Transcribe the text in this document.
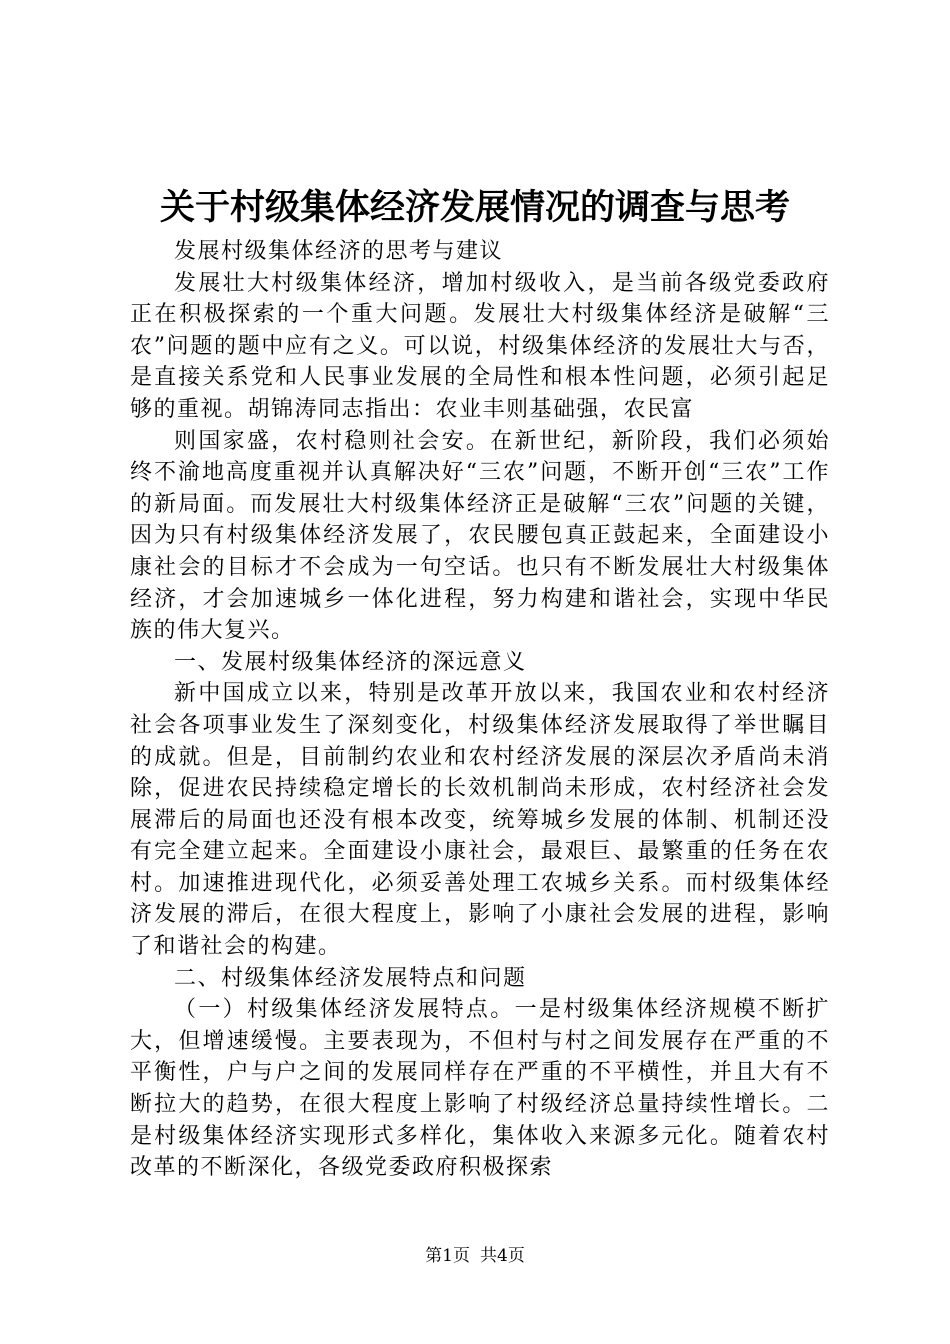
关于村级集体经济发展情况的调查与思考

发展村级集体经济的思考与建议

发展壮大村级集体经济，增加村级收入，是当前各级党委政府正在积极探索的一个重大问题。发展壮大村级集体经济是破解“三农”问题的题中应有之义。可以说，村级集体经济的发展壮大与否，是直接关系党和人民事业发展的全局性和根本性问题，必须引起足够的重视。胡锦涛同志指出：农业丰则基础强，农民富

则国家盛，农村稳则社会安。在新世纪，新阶段，我们必须始终不渝地高度重视并认真解决好“三农”问题，不断开创“三农”工作的新局面。而发展壮大村级集体经济正是破解“三农”问题的关键，因为只有村级集体经济发展了，农民腰包真正鼓起来，全面建设小康社会的目标才不会成为一句空话。也只有不断发展壮大村级集体经济，才会加速城乡一体化进程，努力构建和谐社会，实现中华民族的伟大复兴。

一、发展村级集体经济的深远意义

新中国成立以来，特别是改革开放以来，我国农业和农村经济社会各项事业发生了深刻变化，村级集体经济发展取得了举世瞩目的成就。但是，目前制约农业和农村经济发展的深层次矛盾尚未消除，促进农民持续稳定增长的长效机制尚未形成，农村经济社会发展滞后的局面也还没有根本改变，统筹城乡发展的体制、机制还没有完全建立起来。全面建设小康社会，最艰巨、最繁重的任务在农村。加速推进现代化，必须妥善处理工农城乡关系。而村级集体经济发展的滞后，在很大程度上，影响了小康社会发展的进程，影响了和谐社会的构建。

二、村级集体经济发展特点和问题

（一）村级集体经济发展特点。一是村级集体经济规模不断扩大，但增速缓慢。主要表现为，不但村与村之间发展存在严重的不平衡性，户与户之间的发展同样存在严重的不平横性，并且大有不断拉大的趋势，在很大程度上影响了村级经济总量持续性增长。二是村级集体经济实现形式多样化，集体收入来源多元化。随着农村改革的不断深化，各级党委政府积极探索

第1页 共4页
